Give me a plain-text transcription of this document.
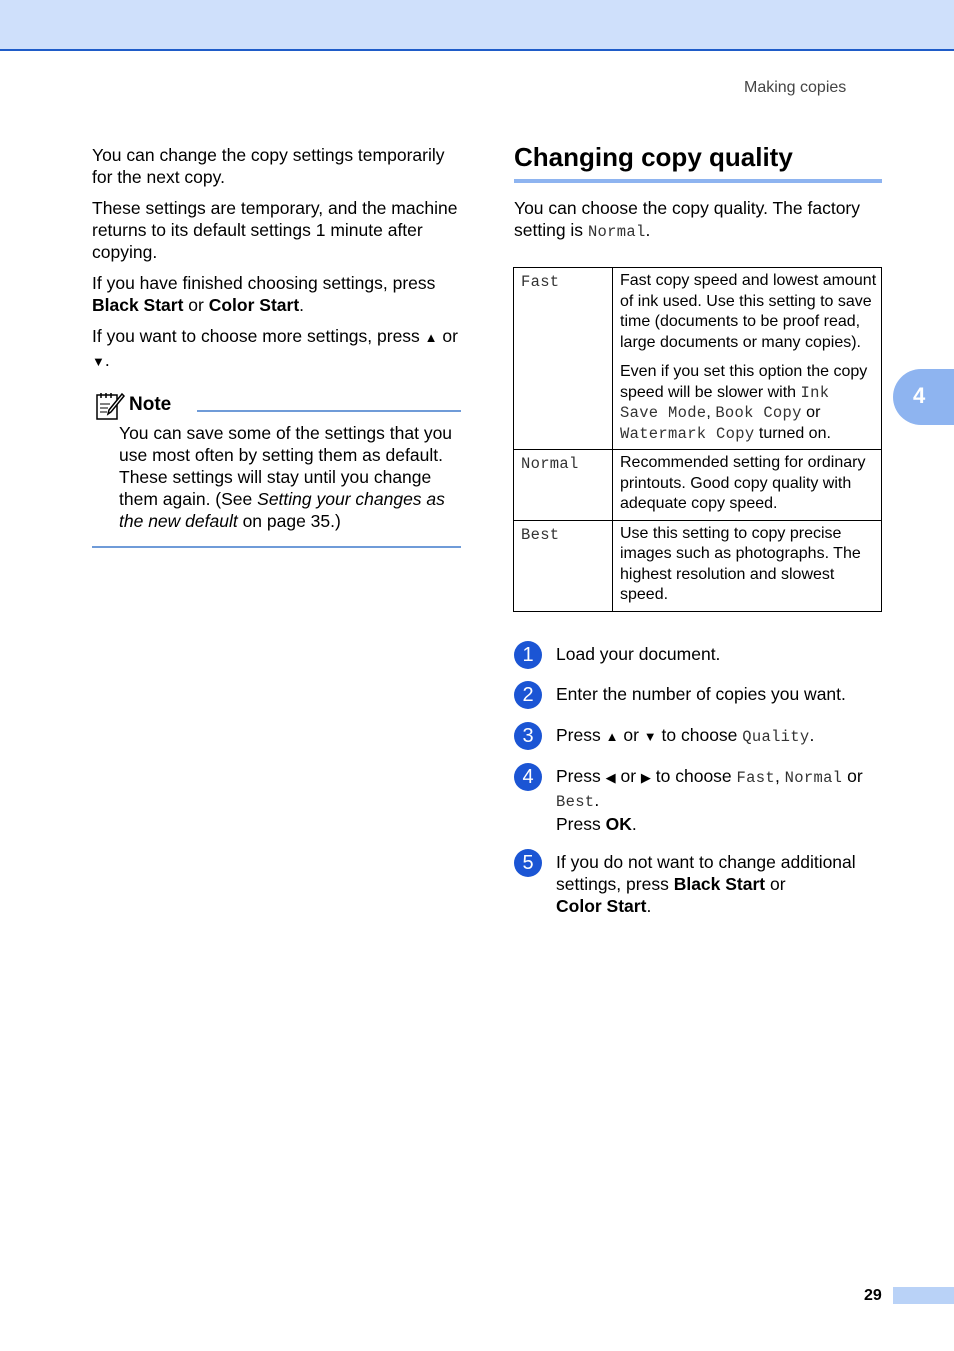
Making copies
4

You can change the copy settings temporarily for the next copy.

These settings are temporary, and the machine returns to its default settings 1 minute after copying.

If you have finished choosing settings, press Black Start or Color Start.

If you want to choose more settings, press ▲ or ▼.

Note
You can save some of the settings that you use most often by setting them as default. These settings will stay until you change them again. (See Setting your changes as the new default on page 35.)
Changing copy quality

You can choose the copy quality. The factory setting is Normal.

Fast	Fast copy speed and lowest amount of ink used. Use this setting to save time (documents to be proof read, large documents or many copies).

Even if you set this option the copy speed will be slower with Ink Save Mode, Book Copy or Watermark Copy turned on.

Normal	Recommended setting for ordinary printouts. Good copy quality with adequate copy speed.
Best	Use this setting to copy precise images such as photographs. The highest resolution and slowest speed.
1	Load your document.
2	Enter the number of copies you want.
3	Press ▲ or ▼ to choose Quality.
4	Press ◀ or ▶ to choose Fast, Normal or
Best.
Press OK.
5	If you do not want to change additional settings, press Black Start or
Color Start.
29
